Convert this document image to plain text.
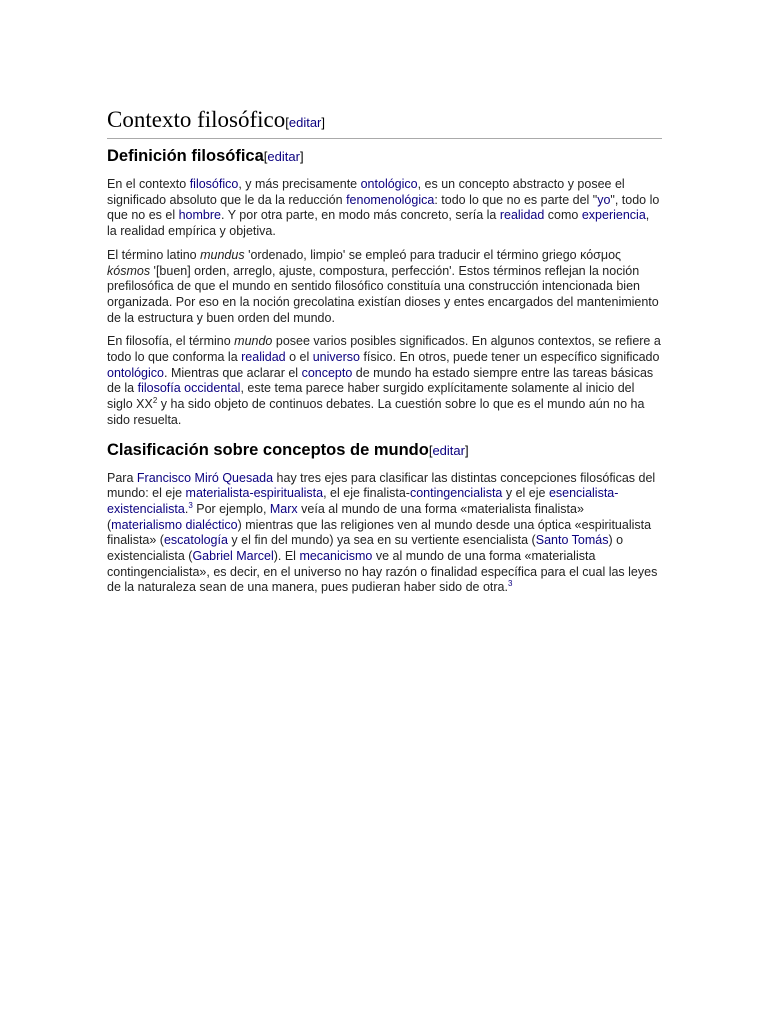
Contexto filosófico[editar]
Definición filosófica[editar]

En el contexto filosófico, y más precisamente ontológico, es un concepto abstracto y posee el significado absoluto que le da la reducción fenomenológica: todo lo que no es parte del "yo", todo lo que no es el hombre. Y por otra parte, en modo más concreto, sería la realidad como experiencia, la realidad empírica y objetiva.

El término latino mundus 'ordenado, limpio' se empleó para traducir el término griego κόσμος kósmos '[buen] orden, arreglo, ajuste, compostura, perfección'. Estos términos reflejan la noción prefilosófica de que el mundo en sentido filosófico constituía una construcción intencionada bien organizada. Por eso en la noción grecolatina existían dioses y entes encargados del mantenimiento de la estructura y buen orden del mundo.

En filosofía, el término mundo posee varios posibles significados. En algunos contextos, se refiere a todo lo que conforma la realidad o el universo físico. En otros, puede tener un específico significado ontológico. Mientras que aclarar el concepto de mundo ha estado siempre entre las tareas básicas de la filosofía occidental, este tema parece haber surgido explícitamente solamente al inicio del siglo $XX^2$ y ha sido objeto de continuos debates. La cuestión sobre lo que es el mundo aún no ha sido resuelta.

Clasificación sobre conceptos de mundo[editar]

Para Francisco Miró Quesada hay tres ejes para clasificar las distintas concepciones filosóficas del mundo: el eje materialista-espiritualista, el eje finalista-contingencialista y el eje esencialista-existencialista.$^3$ Por ejemplo, Marx veía al mundo de una forma «materialista finalista» (materialismo dialéctico) mientras que las religiones ven al mundo desde una óptica «espiritualista finalista» (escatología y el fin del mundo) ya sea en su vertiente esencialista (Santo Tomás) o existencialista (Gabriel Marcel). El mecanicismo ve al mundo de una forma «materialista contingencialista», es decir, en el universo no hay razón o finalidad específica para el cual las leyes de la naturaleza sean de una manera, pues pudieran haber sido de otra.$^3$
